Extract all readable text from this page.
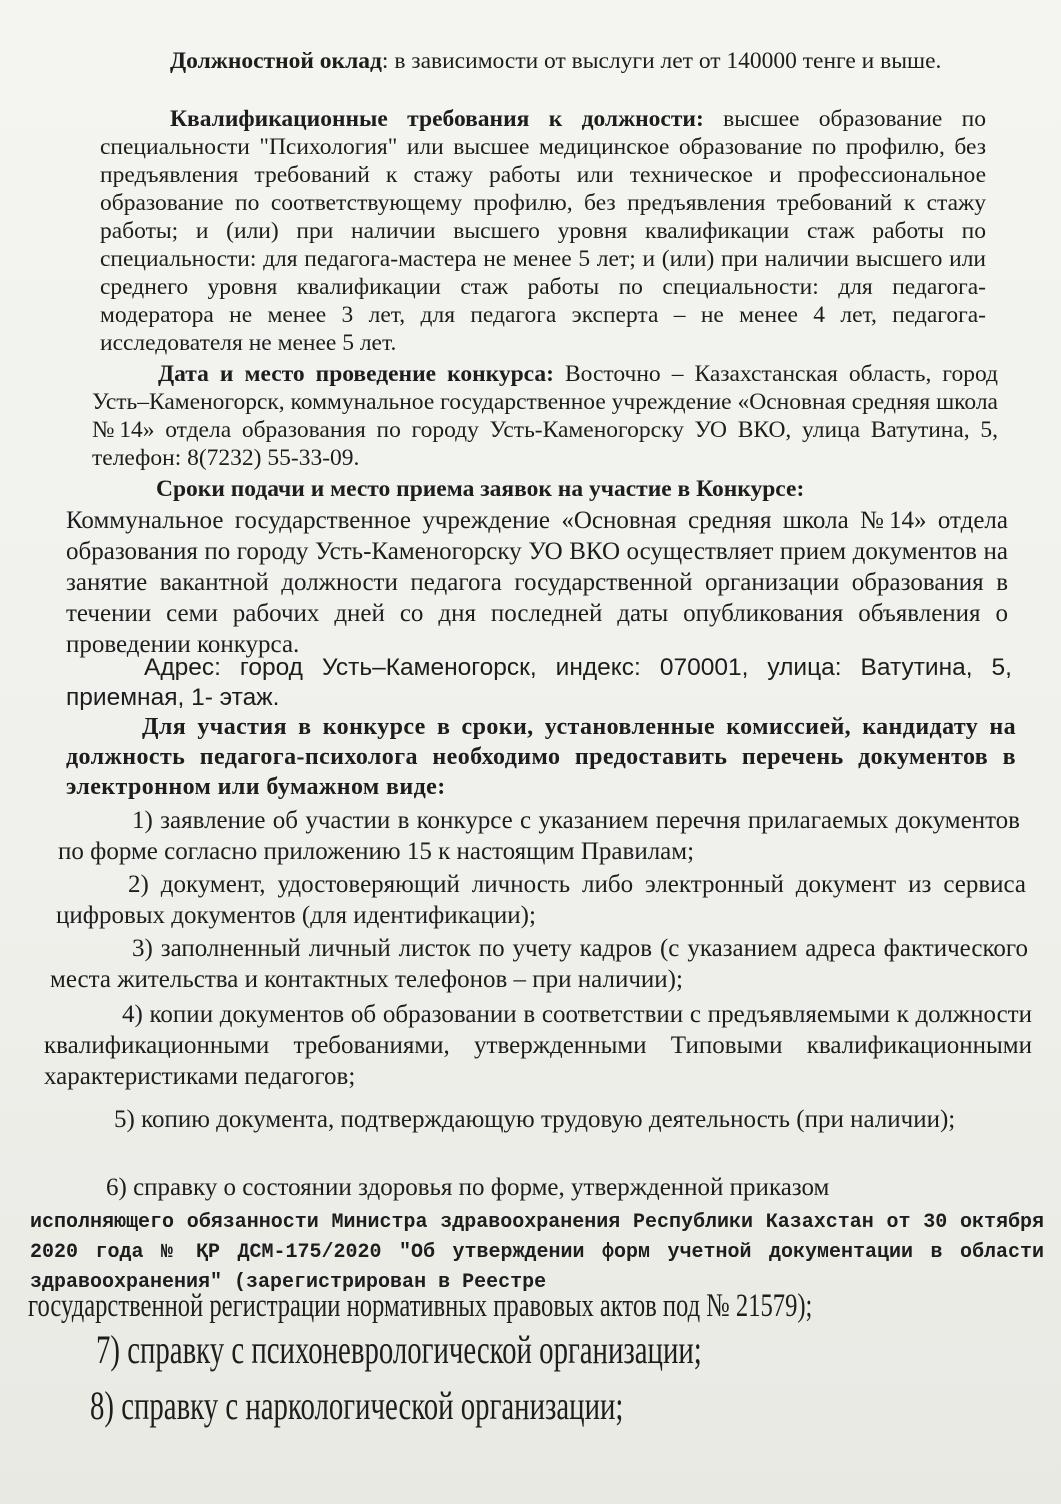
Должностной оклад: в зависимости от выслуги лет от 140000 тенге и выше.

Квалификационные требования к должности: высшее образование по специальности "Психология" или высшее медицинское образование по профилю, без предъявления требований к стажу работы или техническое и профессиональное образование по соответствующему профилю, без предъявления требований к стажу работы; и (или) при наличии высшего уровня квалификации стаж работы по специальности: для педагога-мастера не менее 5 лет; и (или) при наличии высшего или среднего уровня квалификации стаж работы по специальности: для педагога-модератора не менее 3 лет, для педагога эксперта – не менее 4 лет, педагога-исследователя не менее 5 лет.

Дата и место проведение конкурса: Восточно – Казахстанская область, город Усть–Каменогорск, коммунальное государственное учреждение «Основная средняя школа №14» отдела образования по городу Усть-Каменогорску УО ВКО, улица Ватутина, 5, телефон: 8(7232) 55-33-09.

Сроки подачи и место приема заявок на участие в Конкурсе:

Коммунальное государственное учреждение «Основная средняя школа №14» отдела образования по городу Усть-Каменогорску УО ВКО осуществляет прием документов на занятие вакантной должности педагога государственной организации образования в течении семи рабочих дней со дня последней даты опубликования объявления о проведении конкурса.

Адрес: город Усть–Каменогорск, индекс: 070001, улица: Ватутина, 5, приемная, 1- этаж.

Для участия в конкурсе в сроки, установленные комиссией, кандидату на должность педагога-психолога необходимо предоставить перечень документов в электронном или бумажном виде:

1) заявление об участии в конкурсе с указанием перечня прилагаемых документов по форме согласно приложению 15 к настоящим Правилам;

2) документ, удостоверяющий личность либо электронный документ из сервиса цифровых документов (для идентификации);

3) заполненный личный листок по учету кадров (с указанием адреса фактического места жительства и контактных телефонов – при наличии);

4) копии документов об образовании в соответствии с предъявляемыми к должности квалификационными требованиями, утвержденными Типовыми квалификационными характеристиками педагогов;

5) копию документа, подтверждающую трудовую деятельность (при наличии);

6) справку о состоянии здоровья по форме, утвержденной приказом

исполняющего обязанности Министра здравоохранения Республики Казахстан от 30 октября 2020 года № ҚР ДСМ-175/2020 "Об утверждении форм учетной документации в области здравоохранения" (зарегистрирован в Реестре

государственной регистрации нормативных правовых актов под № 21579);

7) справку с психоневрологической организации;

8) справку с наркологической организации;
